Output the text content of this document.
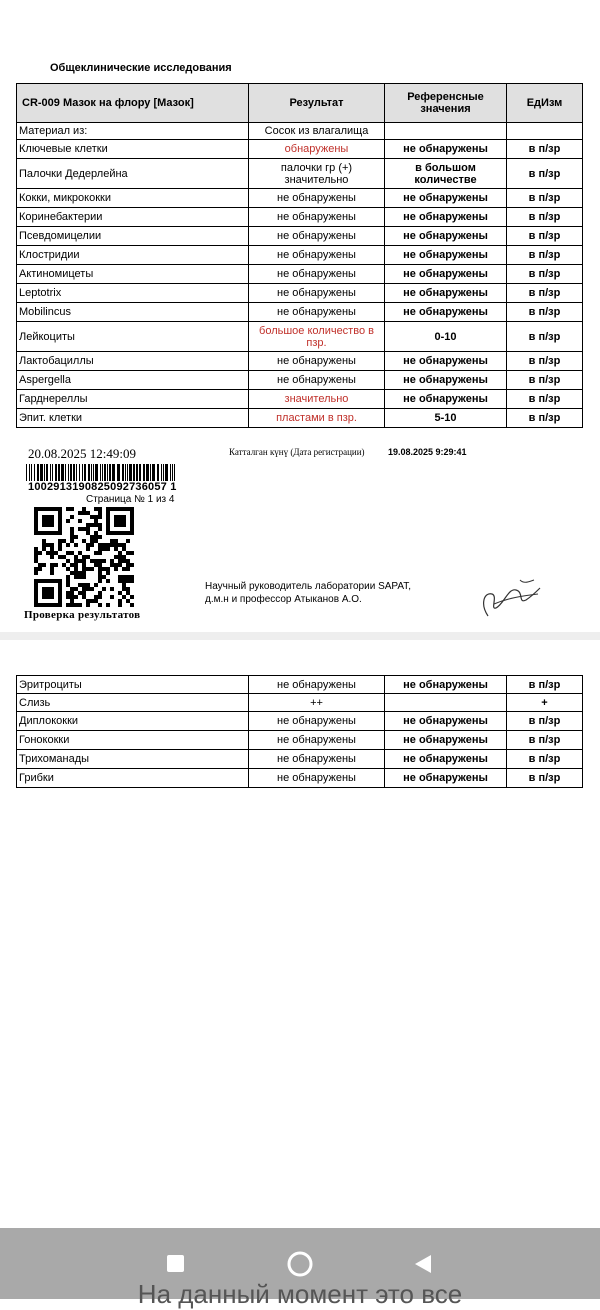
Общеклинические исследования
CR-009 Мазок на флору [Мазок]	Результат	Референсные значения	ЕдИзм
Материал из:	Сосок из влагалища		
Ключевые клетки	обнаружены	не обнаружены	в п/зр
Палочки Дедерлейна	палочки гр (+) значительно	в большом количестве	в п/зр
Кокки, микрококки	не обнаружены	не обнаружены	в п/зр
Коринебактерии	не обнаружены	не обнаружены	в п/зр
Псевдомицелии	не обнаружены	не обнаружены	в п/зр
Клостридии	не обнаружены	не обнаружены	в п/зр
Актиномицеты	не обнаружены	не обнаружены	в п/зр
Leptotrix	не обнаружены	не обнаружены	в п/зр
Mobilincus	не обнаружены	не обнаружены	в п/зр
Лейкоциты	большое количество в пзр.	0-10	в п/зр
Лактобациллы	не обнаружены	не обнаружены	в п/зр
Aspergella	не обнаружены	не обнаружены	в п/зр
Гарднереллы	значительно	не обнаружены	в п/зр
Эпит. клетки	пластами в пзр.	5-10	в п/зр
20.08.2025 12:49:09
1002913190825092736057 1
Страница № 1 из 4
Проверка результатов
Катталган күнү (Дата регистрации)	19.08.2025 9:29:41
Научный руководитель лаборатории SAPAT,
д.м.н и профессор Атыканов А.О.
Эритроциты	не обнаружены	не обнаружены	в п/зр
Слизь	++		+
Диплококки	не обнаружены	не обнаружены	в п/зр
Гонококки	не обнаружены	не обнаружены	в п/зр
Трихоманады	не обнаружены	не обнаружены	в п/зр
Грибки	не обнаружены	не обнаружены	в п/зр
На данный момент это все
